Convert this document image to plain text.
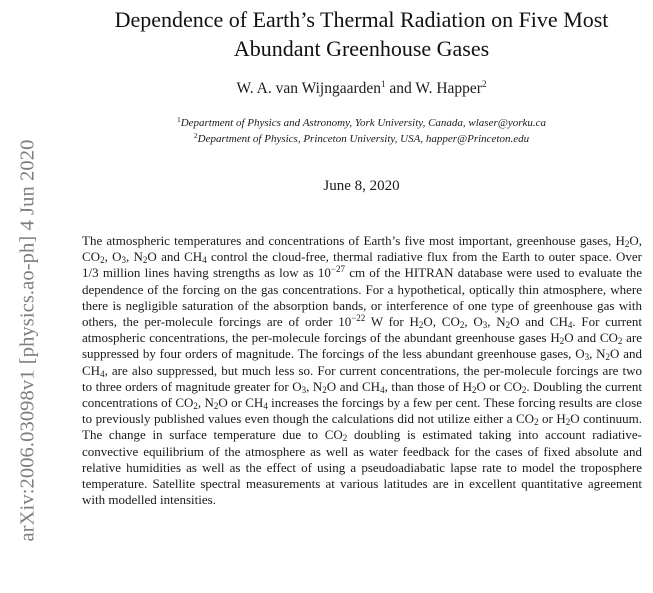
arXiv:2006.03098v1 [physics.ao-ph] 4 Jun 2020
Dependence of Earth’s Thermal Radiation on Five Most
Abundant Greenhouse Gases
W. A. van Wijngaarden$^1$ and W. Happer$^2$
$^1$Department of Physics and Astronomy, York University, Canada, wlaser@yorku.ca
$^2$Department of Physics, Princeton University, USA, happer@Princeton.edu
June 8, 2020
The atmospheric temperatures and concentrations of Earth’s five most important, greenhouse gases, $H_2O$, $CO_2$, $O_3$, $N_2O$ and $CH_4$ control the cloud-free, thermal radiative flux from the Earth to outer space. Over 1/3 million lines having strengths as low as $10^{-27}$ cm of the HITRAN database were used to evaluate the dependence of the forcing on the gas concentrations. For a hypothetical, optically thin atmosphere, where there is negligible saturation of the absorption bands, or interference of one type of greenhouse gas with others, the per-molecule forcings are of order $10^{-22}$ W for $H_2O$, $CO_2$, $O_3$, $N_2O$ and $CH_4$. For current atmospheric concentrations, the per-molecule forcings of the abundant greenhouse gases $H_2O$ and $CO_2$ are suppressed by four orders of magnitude. The forcings of the less abundant greenhouse gases, $O_3$, $N_2O$ and $CH_4$, are also suppressed, but much less so. For current concentrations, the per-molecule forcings are two to three orders of magnitude greater for $O_3$, $N_2O$ and $CH_4$, than those of $H_2O$ or $CO_2$. Doubling the current concentrations of $CO_2$, $N_2O$ or $CH_4$ increases the forcings by a few per cent. These forcing results are close to previously published values even though the calculations did not utilize either a $CO_2$ or $H_2O$ continuum. The change in surface temperature due to $CO_2$ doubling is estimated taking into account radiative-convective equilibrium of the atmosphere as well as water feedback for the cases of fixed absolute and relative humidities as well as the effect of using a pseudoadiabatic lapse rate to model the troposphere temperature. Satellite spectral measurements at various latitudes are in excellent quantitative agreement with modelled intensities.
